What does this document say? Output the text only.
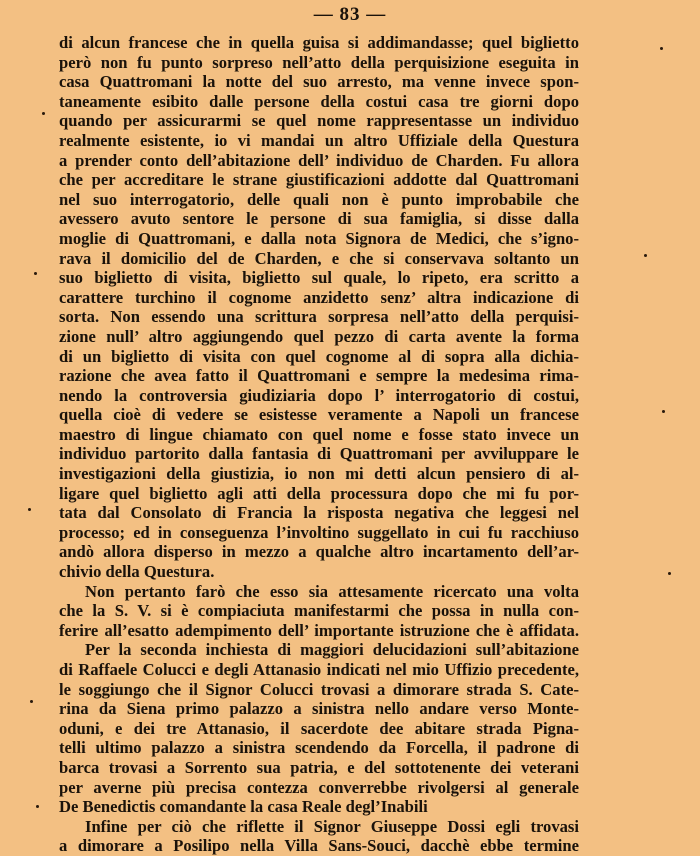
— 83 —
di alcun francese che in quella guisa si addimandasse; quel biglietto
però non fu punto sorpreso nell’atto della perquisizione eseguita in
casa Quattromani la notte del suo arresto, ma venne invece spon-
taneamente esibito dalle persone della costui casa tre giorni dopo
quando per assicurarmi se quel nome rappresentasse un individuo
realmente esistente, io vi mandai un altro Uffiziale della Questura
a prender conto dell’abitazione dell’ individuo de Charden. Fu allora
che per accreditare le strane giustificazioni addotte dal Quattromani
nel suo interrogatorio, delle quali non è punto improbabile che
avessero avuto sentore le persone di sua famiglia, si disse dalla
moglie di Quattromani, e dalla nota Signora de Medici, che s’igno-
rava il domicilio del de Charden, e che si conservava soltanto un
suo biglietto di visita, biglietto sul quale, lo ripeto, era scritto a
carattere turchino il cognome anzidetto senz’ altra indicazione di
sorta. Non essendo una scrittura sorpresa nell’atto della perquisi-
zione null’ altro aggiungendo quel pezzo di carta avente la forma
di un biglietto di visita con quel cognome al di sopra alla dichia-
razione che avea fatto il Quattromani e sempre la medesima rima-
nendo la controversia giudiziaria dopo l’ interrogatorio di costui,
quella cioè di vedere se esistesse veramente a Napoli un francese
maestro di lingue chiamato con quel nome e fosse stato invece un
individuo partorito dalla fantasia di Quattromani per avviluppare le
investigazioni della giustizia, io non mi detti alcun pensiero di al-
ligare quel biglietto agli atti della processura dopo che mi fu por-
tata dal Consolato di Francia la risposta negativa che leggesi nel
processo; ed in conseguenza l’involtino suggellato in cui fu racchiuso
andò allora disperso in mezzo a qualche altro incartamento dell’ar-
chivio della Questura.
Non pertanto farò che esso sia attesamente ricercato una volta
che la S. V. si è compiaciuta manifestarmi che possa in nulla con-
ferire all’esatto adempimento dell’ importante istruzione che è affidata.
Per la seconda inchiesta di maggiori delucidazioni sull’abitazione
di Raffaele Colucci e degli Attanasio indicati nel mio Uffizio precedente,
le soggiungo che il Signor Colucci trovasi a dimorare strada S. Cate-
rina da Siena primo palazzo a sinistra nello andare verso Monte-
oduni, e dei tre Attanasio, il sacerdote dee abitare strada Pigna-
telli ultimo palazzo a sinistra scendendo da Forcella, il padrone di
barca trovasi a Sorrento sua patria, e del sottotenente dei veterani
per averne più precisa contezza converrebbe rivolgersi al generale
De Benedictis comandante la casa Reale degl’Inabili
Infine per ciò che riflette il Signor Giuseppe Dossi egli trovasi
a dimorare a Posilipo nella Villa Sans-Souci, dacchè ebbe termine
